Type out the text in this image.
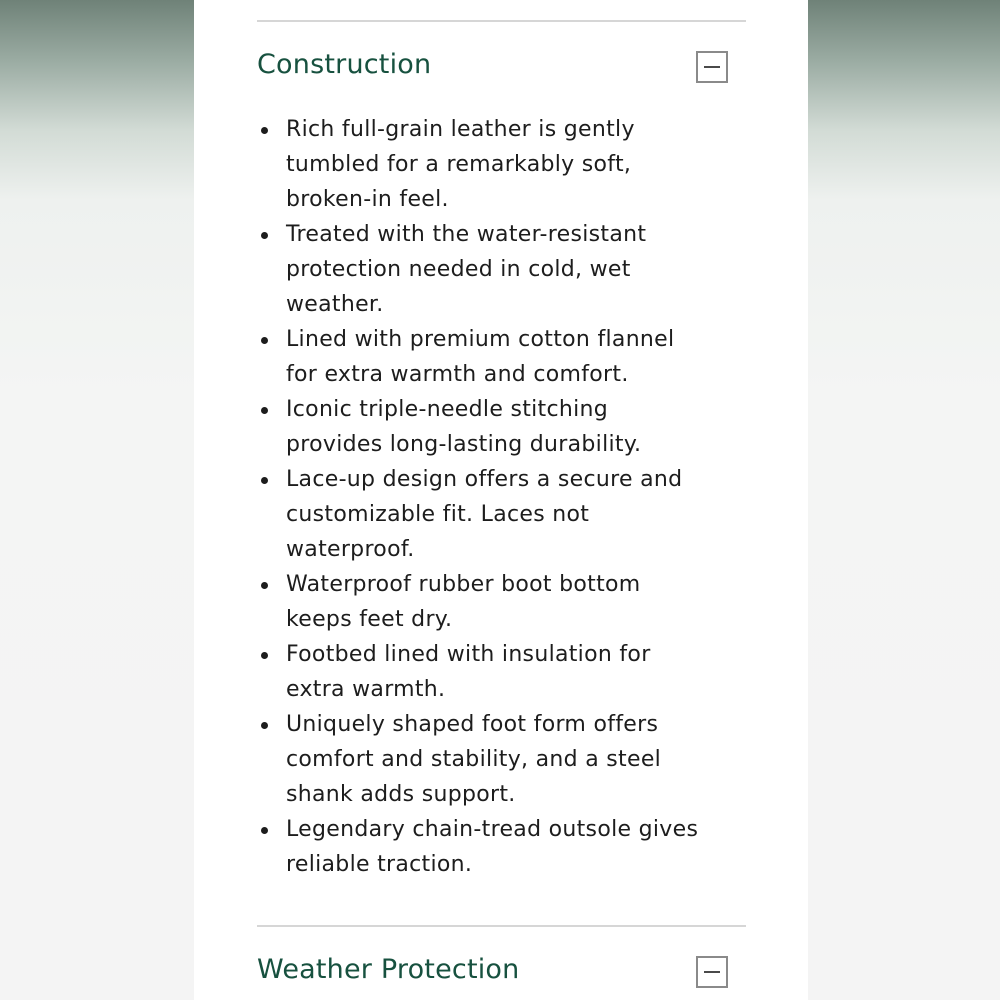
Construction
Rich full-grain leather is gently
tumbled for a remarkably soft,
broken-in feel.
Treated with the water-resistant
protection needed in cold, wet
weather.
Lined with premium cotton flannel
for extra warmth and comfort.
Iconic triple-needle stitching
provides long-lasting durability.
Lace-up design offers a secure and
customizable fit. Laces not
waterproof.
Waterproof rubber boot bottom
keeps feet dry.
Footbed lined with insulation for
extra warmth.
Uniquely shaped foot form offers
comfort and stability, and a steel
shank adds support.
Legendary chain-tread outsole gives
reliable traction.
Weather Protection
